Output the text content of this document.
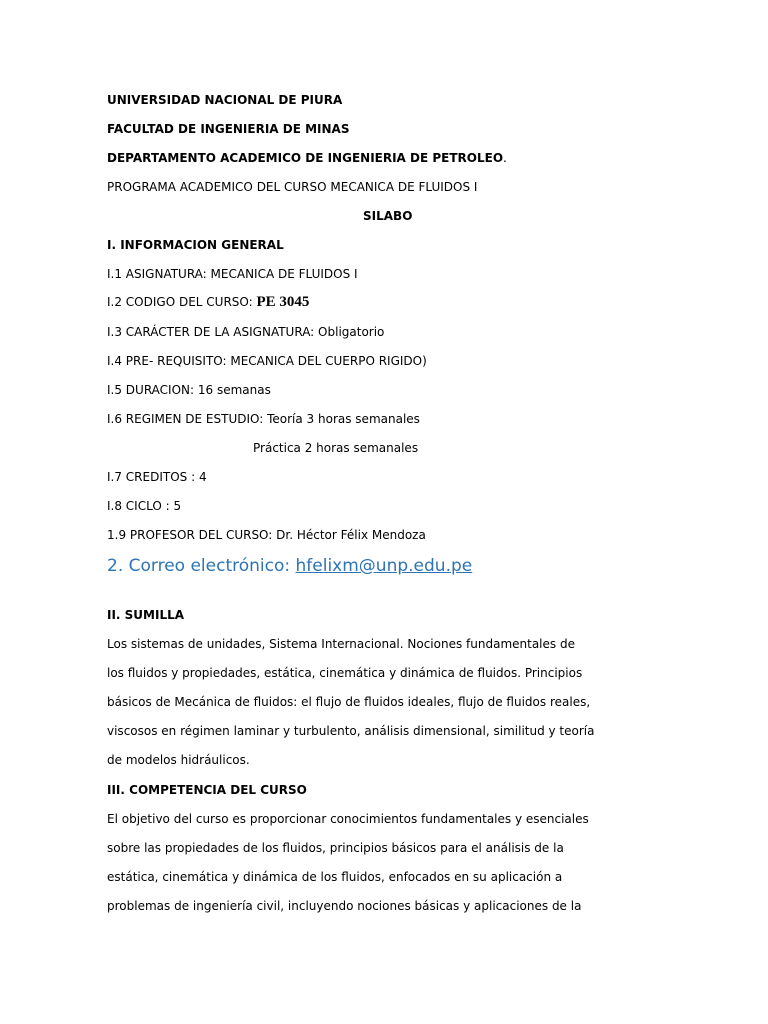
UNIVERSIDAD NACIONAL DE PIURA
FACULTAD DE INGENIERIA DE MINAS
DEPARTAMENTO ACADEMICO DE INGENIERIA DE PETROLEO.
PROGRAMA ACADEMICO DEL CURSO MECANICA DE FLUIDOS I
SILABO
I. INFORMACION GENERAL
I.1 ASIGNATURA: MECANICA DE FLUIDOS I
I.2 CODIGO DEL CURSO: PE 3045
I.3 CARÁCTER DE LA ASIGNATURA: Obligatorio
I.4 PRE- REQUISITO: MECANICA DEL CUERPO RIGIDO)
I.5 DURACION: 16 semanas
I.6 REGIMEN DE ESTUDIO: Teoría 3 horas semanales
Práctica 2 horas semanales
I.7 CREDITOS : 4
I.8 CICLO : 5
1.9 PROFESOR DEL CURSO: Dr. Héctor Félix Mendoza
2. Correo electrónico: hfelixm@unp.edu.pe
II. SUMILLA
Los sistemas de unidades, Sistema Internacional. Nociones fundamentales de
los fluidos y propiedades, estática, cinemática y dinámica de fluidos. Principios
básicos de Mecánica de fluidos: el flujo de fluidos ideales, flujo de fluidos reales,
viscosos en régimen laminar y turbulento, análisis dimensional, similitud y teoría
de modelos hidráulicos.
III. COMPETENCIA DEL CURSO
El objetivo del curso es proporcionar conocimientos fundamentales y esenciales
sobre las propiedades de los fluidos, principios básicos para el análisis de la
estática, cinemática y dinámica de los fluidos, enfocados en su aplicación a
problemas de ingeniería civil, incluyendo nociones básicas y aplicaciones de la
